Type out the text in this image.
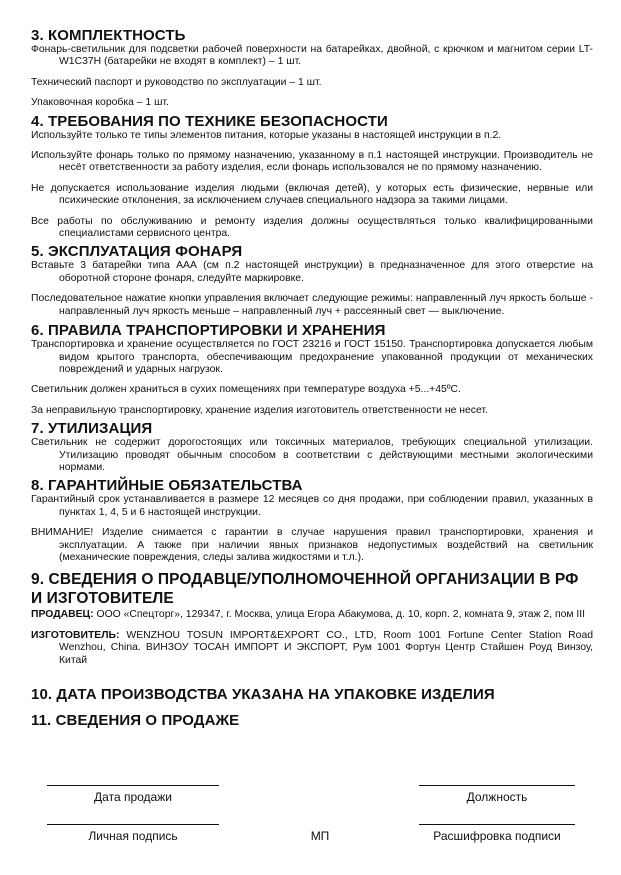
3. КОМПЛЕКТНОСТЬ

Фонарь-светильник для подсветки рабочей поверхности на батарейках, двойной, с крючком и магнитом серии LT-W1C37H (батарейки не входят в комплект) – 1 шт.

Технический паспорт и руководство по эксплуатации – 1 шт.

Упаковочная коробка – 1 шт.

4. ТРЕБОВАНИЯ ПО ТЕХНИКЕ БЕЗОПАСНОСТИ

Используйте только те типы элементов питания, которые указаны в настоящей инструкции в п.2.

Используйте фонарь только по прямому назначению, указанному в п.1 настоящей инструкции. Производитель не несёт ответственности за работу изделия, если фонарь использовался не по прямому назначению.

Не допускается использование изделия людьми (включая детей), у которых есть физические, нервные или психические отклонения, за исключением случаев специального надзора за такими лицами.

Все работы по обслуживанию и ремонту изделия должны осуществляться только квалифицированными специалистами сервисного центра.

5. ЭКСПЛУАТАЦИЯ ФОНАРЯ

Вставьте 3 батарейки типа ААА (см п.2 настоящей инструкции) в предназначенное для этого отверстие на оборотной стороне фонаря, следуйте маркировке.

Последовательное нажатие кнопки управления включает следующие режимы: направленный луч яркость больше - направленный луч яркость меньше – направленный луч + рассеянный свет — выключение.

6. ПРАВИЛА ТРАНСПОРТИРОВКИ И ХРАНЕНИЯ

Транспортировка и хранение осуществляется по ГОСТ 23216 и ГОСТ 15150. Транспортировка допускается любым видом крытого транспорта, обеспечивающим предохранение упакованной продукции от механических повреждений и ударных нагрузок.

Светильник должен храниться в сухих помещениях при температуре воздуха +5...+45ºС.

За неправильную транспортировку, хранение изделия изготовитель ответственности не несет.

7. УТИЛИЗАЦИЯ

Светильник не содержит дорогостоящих или токсичных материалов, требующих специальной утилизации. Утилизацию проводят обычным способом в соответствии с действующими местными экологическими нормами.

8. ГАРАНТИЙНЫЕ ОБЯЗАТЕЛЬСТВА

Гарантийный срок устанавливается в размере 12 месяцев со дня продажи, при соблюдении правил, указанных в пунктах 1, 4, 5 и 6 настоящей инструкции.

ВНИМАНИЕ! Изделие снимается с гарантии в случае нарушения правил транспортировки, хранения и эксплуатации. А также при наличии явных признаков недопустимых воздействий на светильник (механические повреждения, следы залива жидкостями и т.л.).

9. СВЕДЕНИЯ О ПРОДАВЦЕ/УПОЛНОМОЧЕННОЙ ОРГАНИЗАЦИИ В РФ И ИЗГОТОВИТЕЛЕ

ПРОДАВЕЦ: ООО «Спецторг», 129347, г. Москва, улица Егора Абакумова, д. 10, корп. 2, комната 9, этаж 2, пом III

ИЗГОТОВИТЕЛЬ: WENZHOU TOSUN IMPORT&EXPORT CO., LTD, Room 1001 Fortune Center Station Road Wenzhou, China. ВИНЗОУ ТОСАН ИМПОРТ И ЭКСПОРТ, Рум 1001 Фортун Центр Стайшен Роуд Винзоу, Китай

10. ДАТА ПРОИЗВОДСТВА УКАЗАНА НА УПАКОВКЕ ИЗДЕЛИЯ
11. СВЕДЕНИЯ О ПРОДАЖЕ
Дата продажи	Должность
Личная подпись	МП	Расшифровка подписи
